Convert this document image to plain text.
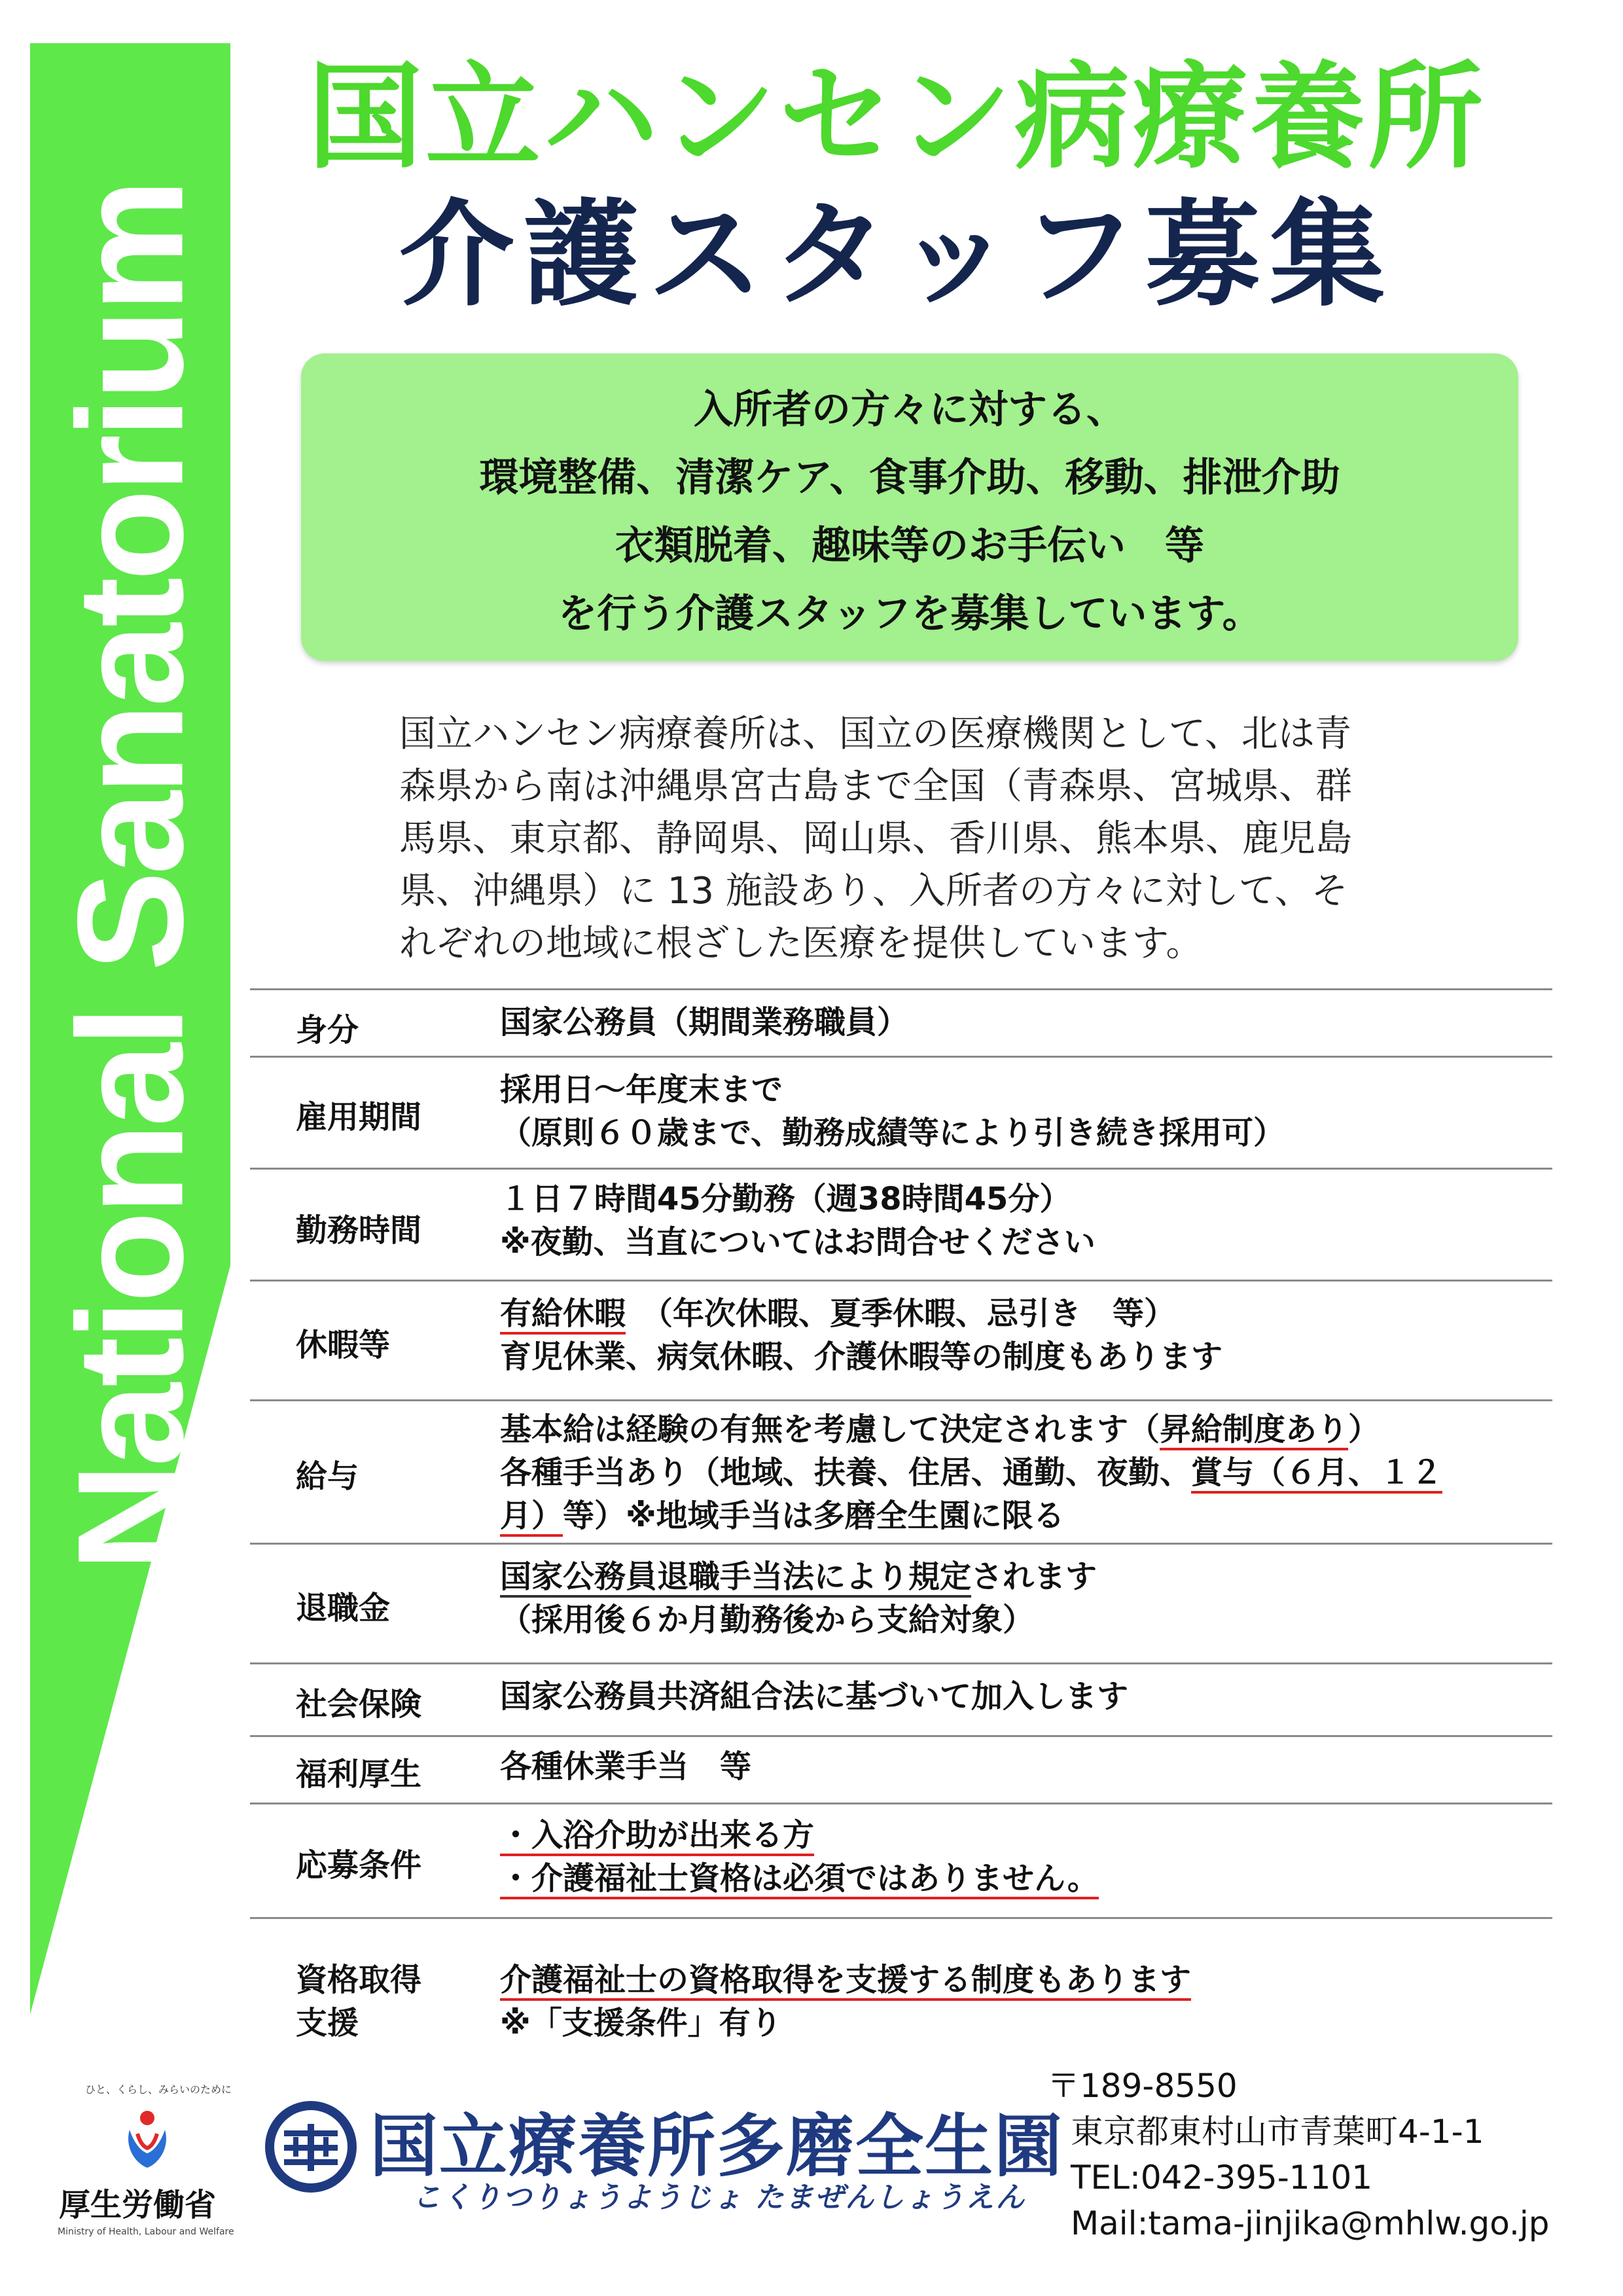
National Sanatorium
国立ハンセン病療養所
介護スタッフ募集
入所者の方々に対する、
環境整備、清潔ケア、食事介助、移動、排泄介助
衣類脱着、趣味等のお手伝い　等
を行う介護スタッフを募集しています。
国立ハンセン病療養所は、国立の医療機関として、北は青
森県から南は沖縄県宮古島まで全国（青森県、宮城県、群
馬県、東京都、静岡県、岡山県、香川県、熊本県、鹿児島
県、沖縄県）に 13 施設あり、入所者の方々に対して、そ
れぞれの地域に根ざした医療を提供しています。
身分	国家公務員（期間業務職員）
雇用期間
採用日～年度末まで
（原則６０歳まで、勤務成績等により引き続き採用可）
勤務時間
１日７時間45分勤務（週38時間45分）
※夜勤、当直についてはお問合せください
休暇等
有給休暇　（年次休暇、夏季休暇、忌引き　等）
育児休業、病気休暇、介護休暇等の制度もあります
給与
基本給は経験の有無を考慮して決定されます（昇給制度あり）
各種手当あり（地域、扶養、住居、通勤、夜勤、賞与（６月、１２
月）等）※地域手当は多磨全生園に限る
退職金
国家公務員退職手当法により規定されます
（採用後６か月勤務後から支給対象）
社会保険 国家公務員共済組合法に基づいて加入します
福利厚生 各種休業手当　等
応募条件
・入浴介助が出来る方
・介護福祉士資格は必須ではありません。
資格取得
支援
介護福祉士の資格取得を支援する制度もあります
※「支援条件」有り
ひと、くらし、みらいのために
厚生労働省
Ministry of Health, Labour and Welfare
国立療養所多磨全生園
こくりつりょうようじょ たまぜんしょうえん
〒189-8550
東京都東村山市青葉町4-1-1
TEL:042-395-1101
Mail:tama-jinjika@mhlw.go.jp
